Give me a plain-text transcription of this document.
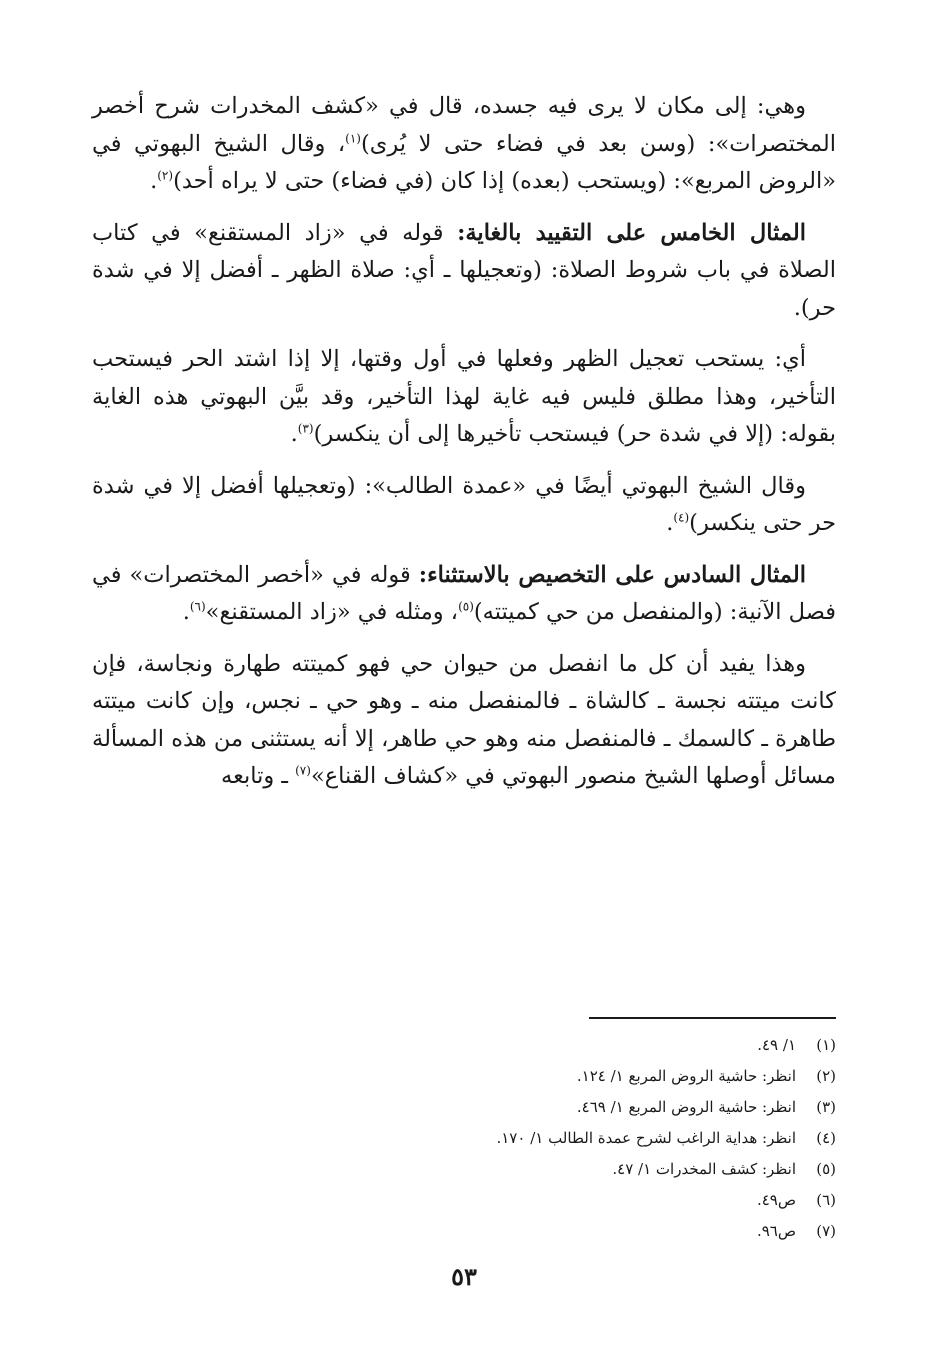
وهي: إلى مكان لا يرى فيه جسده، قال في «كشف المخدرات شرح أخصر المختصرات»: (وسن بعد في فضاء حتى لا يُرى)$^{(١)}$، وقال الشيخ البهوتي في «الروض المربع»: (ويستحب (بعده) إذا كان (في فضاء) حتى لا يراه أحد)$^{(٢)}$.

المثال الخامس على التقييد بالغاية: قوله في «زاد المستقنع» في كتاب الصلاة في باب شروط الصلاة: (وتعجيلها ـ أي: صلاة الظهر ـ أفضل إلا في شدة حر).

أي: يستحب تعجيل الظهر وفعلها في أول وقتها، إلا إذا اشتد الحر فيستحب التأخير، وهذا مطلق فليس فيه غاية لهذا التأخير، وقد بيَّن البهوتي هذه الغاية بقوله: (إلا في شدة حر) فيستحب تأخيرها إلى أن ينكسر)$^{(٣)}$.

وقال الشيخ البهوتي أيضًا في «عمدة الطالب»: (وتعجيلها أفضل إلا في شدة حر حتى ينكسر)$^{(٤)}$.

المثال السادس على التخصيص بالاستثناء: قوله في «أخصر المختصرات» في فصل الآنية: (والمنفصل من حي كميتته)$^{(٥)}$، ومثله في «زاد المستقنع»$^{(٦)}$.

وهذا يفيد أن كل ما انفصل من حيوان حي فهو كميتته طهارة ونجاسة، فإن كانت ميتته نجسة ـ كالشاة ـ فالمنفصل منه ـ وهو حي ـ نجس، وإن كانت ميتته طاهرة ـ كالسمك ـ فالمنفصل منه وهو حي طاهر، إلا أنه يستثنى من هذه المسألة مسائل أوصلها الشيخ منصور البهوتي في «كشاف القناع»$^{(٧)}$ ـ وتابعه

(١)
١/ ٤٩.
(٢)
انظر: حاشية الروض المربع ١/ ١٢٤.
(٣)
انظر: حاشية الروض المربع ١/ ٤٦٩.
(٤)
انظر: هداية الراغب لشرح عمدة الطالب ١/ ١٧٠.
(٥)
انظر: كشف المخدرات ١/ ٤٧.
(٦)
ص٤٩.
(٧)
ص٩٦.
٥٣
